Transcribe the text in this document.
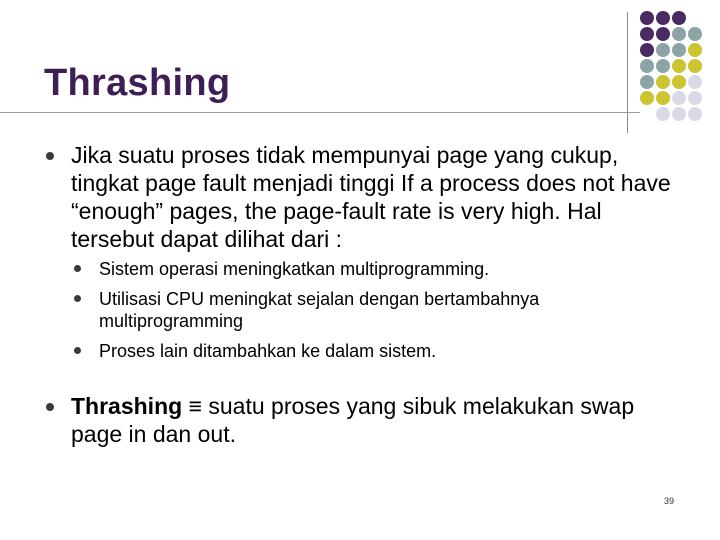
Thrashing
Jika suatu proses tidak mempunyai page yang cukup, tingkat page fault menjadi tinggi If a process does not have “enough” pages, the page-fault rate is very high. Hal tersebut dapat dilihat dari :
Sistem operasi meningkatkan multiprogramming.
Utilisasi CPU meningkat sejalan dengan bertambahnya multiprogramming
Proses lain ditambahkan ke dalam sistem.
Thrashing ≡ suatu proses yang sibuk melakukan swap page in dan out.
39
